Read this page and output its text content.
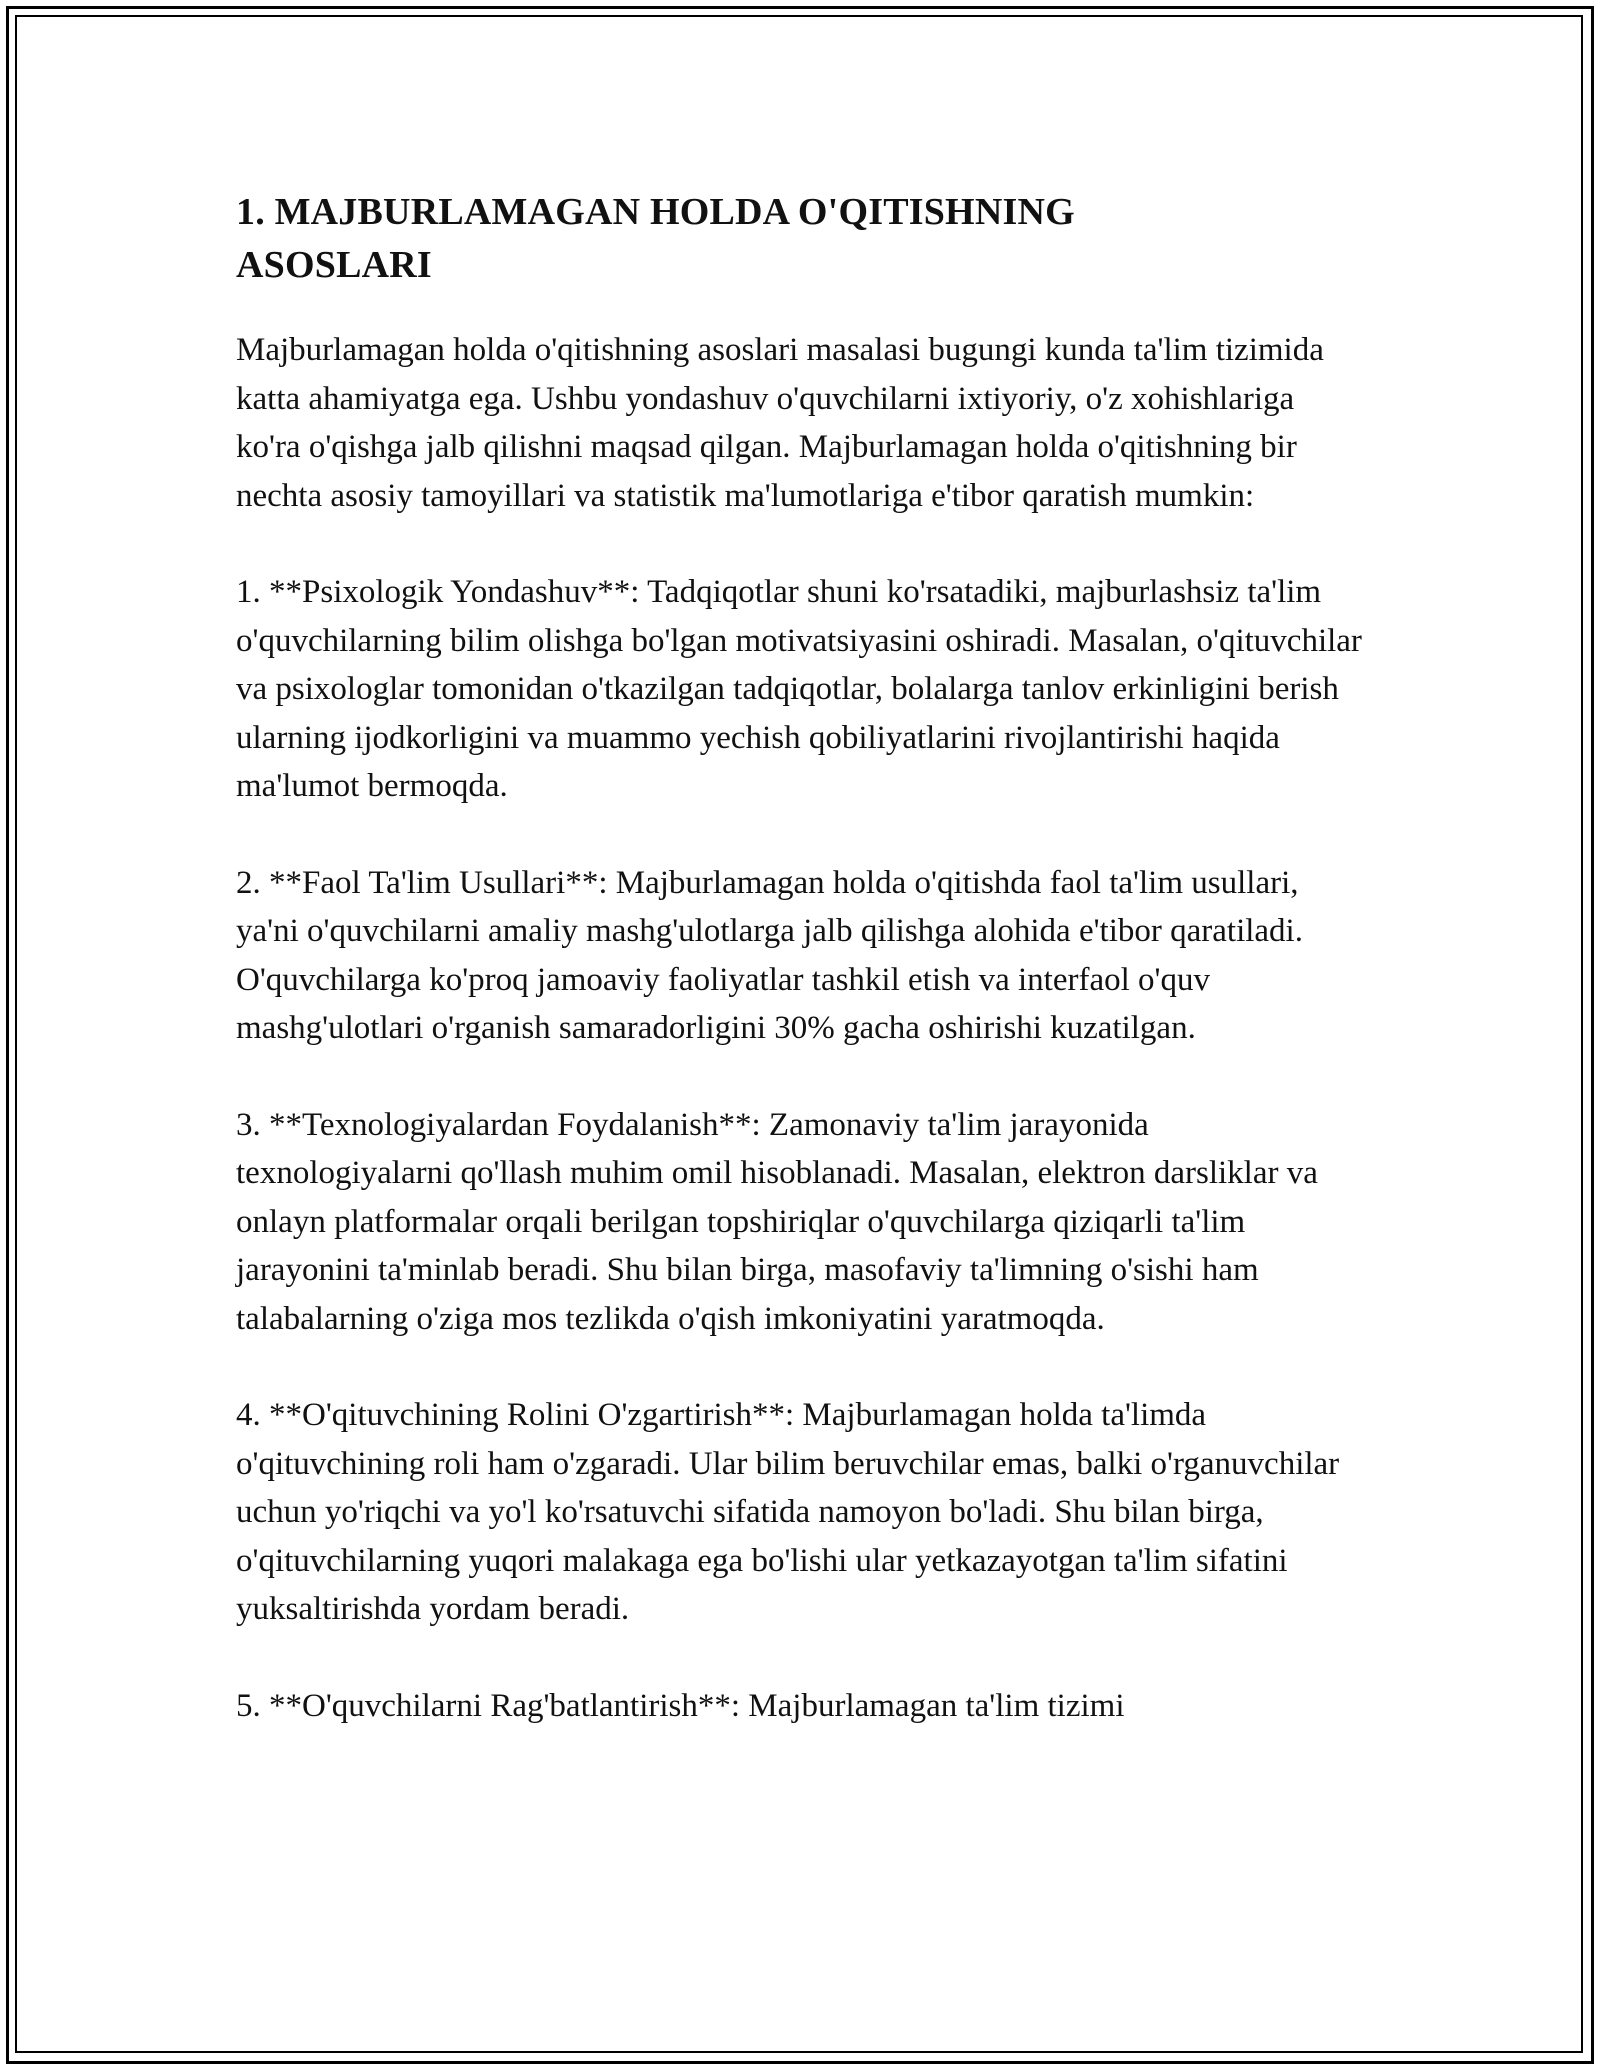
1. MAJBURLAMAGAN HOLDA O'QITISHNING
ASOSLARI

Majburlamagan holda o'qitishning asoslari masalasi bugungi kunda ta'lim tizimida katta ahamiyatga ega. Ushbu yondashuv o'quvchilarni ixtiyoriy, o'z xohishlariga ko'ra o'qishga jalb qilishni maqsad qilgan. Majburlamagan holda o'qitishning bir nechta asosiy tamoyillari va statistik ma'lumotlariga e'tibor qaratish mumkin:

1. **Psixologik Yondashuv**: Tadqiqotlar shuni ko'rsatadiki, majburlashsiz ta'lim o'quvchilarning bilim olishga bo'lgan motivatsiyasini oshiradi. Masalan, o'qituvchilar va psixologlar tomonidan o'tkazilgan tadqiqotlar, bolalarga tanlov erkinligini berish ularning ijodkorligini va muammo yechish qobiliyatlarini rivojlantirishi haqida ma'lumot bermoqda.

2. **Faol Ta'lim Usullari**: Majburlamagan holda o'qitishda faol ta'lim usullari, ya'ni o'quvchilarni amaliy mashg'ulotlarga jalb qilishga alohida e'tibor qaratiladi. O'quvchilarga ko'proq jamoaviy faoliyatlar tashkil etish va interfaol o'quv mashg'ulotlari o'rganish samaradorligini 30% gacha oshirishi kuzatilgan.

3. **Texnologiyalardan Foydalanish**: Zamonaviy ta'lim jarayonida texnologiyalarni qo'llash muhim omil hisoblanadi. Masalan, elektron darsliklar va onlayn platformalar orqali berilgan topshiriqlar o'quvchilarga qiziqarli ta'lim jarayonini ta'minlab beradi. Shu bilan birga, masofaviy ta'limning o'sishi ham talabalarning o'ziga mos tezlikda o'qish imkoniyatini yaratmoqda.

4. **O'qituvchining Rolini O'zgartirish**: Majburlamagan holda ta'limda o'qituvchining roli ham o'zgaradi. Ular bilim beruvchilar emas, balki o'rganuvchilar uchun yo'riqchi va yo'l ko'rsatuvchi sifatida namoyon bo'ladi. Shu bilan birga, o'qituvchilarning yuqori malakaga ega bo'lishi ular yetkazayotgan ta'lim sifatini yuksaltirishda yordam beradi.

5. **O'quvchilarni Rag'batlantirish**: Majburlamagan ta'lim tizimi
